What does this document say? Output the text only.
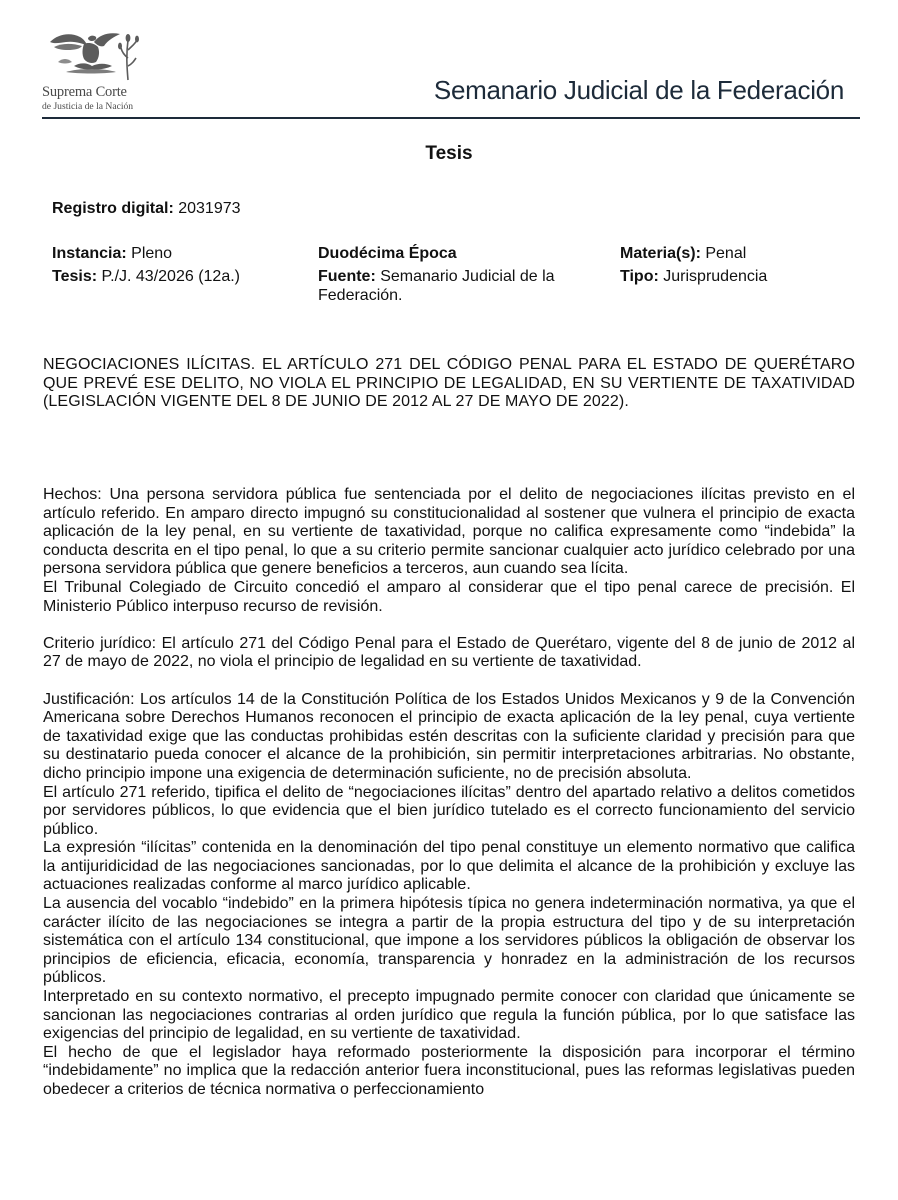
Suprema Corte
de Justicia de la Nación
Semanario Judicial de la Federación
Tesis
Registro digital: 2031973
Instancia: Pleno
Tesis: P./J. 43/2026 (12a.)
Duodécima Época
Fuente: Semanario Judicial de la Federación.
Materia(s): Penal
Tipo: Jurisprudencia
NEGOCIACIONES ILÍCITAS. EL ARTÍCULO 271 DEL CÓDIGO PENAL PARA EL ESTADO DE QUERÉTARO QUE PREVÉ ESE DELITO, NO VIOLA EL PRINCIPIO DE LEGALIDAD, EN SU VERTIENTE DE TAXATIVIDAD (LEGISLACIÓN VIGENTE DEL 8 DE JUNIO DE 2012 AL 27 DE MAYO DE 2022).

Hechos: Una persona servidora pública fue sentenciada por el delito de negociaciones ilícitas previsto en el artículo referido. En amparo directo impugnó su constitucionalidad al sostener que vulnera el principio de exacta aplicación de la ley penal, en su vertiente de taxatividad, porque no califica expresamente como “indebida” la conducta descrita en el tipo penal, lo que a su criterio permite sancionar cualquier acto jurídico celebrado por una persona servidora pública que genere beneficios a terceros, aun cuando sea lícita.

El Tribunal Colegiado de Circuito concedió el amparo al considerar que el tipo penal carece de precisión. El Ministerio Público interpuso recurso de revisión.

Criterio jurídico: El artículo 271 del Código Penal para el Estado de Querétaro, vigente del 8 de junio de 2012 al 27 de mayo de 2022, no viola el principio de legalidad en su vertiente de taxatividad.

Justificación: Los artículos 14 de la Constitución Política de los Estados Unidos Mexicanos y 9 de la Convención Americana sobre Derechos Humanos reconocen el principio de exacta aplicación de la ley penal, cuya vertiente de taxatividad exige que las conductas prohibidas estén descritas con la suficiente claridad y precisión para que su destinatario pueda conocer el alcance de la prohibición, sin permitir interpretaciones arbitrarias. No obstante, dicho principio impone una exigencia de determinación suficiente, no de precisión absoluta.

El artículo 271 referido, tipifica el delito de “negociaciones ilícitas” dentro del apartado relativo a delitos cometidos por servidores públicos, lo que evidencia que el bien jurídico tutelado es el correcto funcionamiento del servicio público.

La expresión “ilícitas” contenida en la denominación del tipo penal constituye un elemento normativo que califica la antijuridicidad de las negociaciones sancionadas, por lo que delimita el alcance de la prohibición y excluye las actuaciones realizadas conforme al marco jurídico aplicable.

La ausencia del vocablo “indebido” en la primera hipótesis típica no genera indeterminación normativa, ya que el carácter ilícito de las negociaciones se integra a partir de la propia estructura del tipo y de su interpretación sistemática con el artículo 134 constitucional, que impone a los servidores públicos la obligación de observar los principios de eficiencia, eficacia, economía, transparencia y honradez en la administración de los recursos públicos.

Interpretado en su contexto normativo, el precepto impugnado permite conocer con claridad que únicamente se sancionan las negociaciones contrarias al orden jurídico que regula la función pública, por lo que satisface las exigencias del principio de legalidad, en su vertiente de taxatividad.

El hecho de que el legislador haya reformado posteriormente la disposición para incorporar el término “indebidamente” no implica que la redacción anterior fuera inconstitucional, pues las reformas legislativas pueden obedecer a criterios de técnica normativa o perfeccionamiento
